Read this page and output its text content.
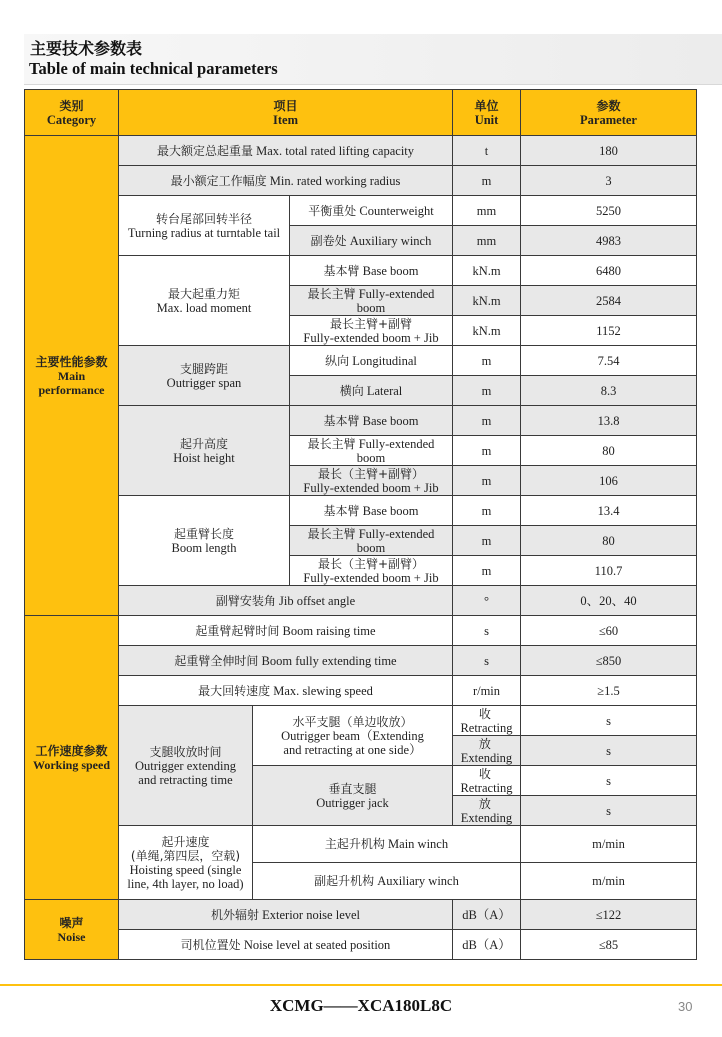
主要技术参数表
Table of main technical parameters
类别
Category	项目
Item			单位
Unit	参数
Parameter	
主要性能参数
Main
performance	最大额定总起重量 Max. total rated lifting capacity			t	180	
	最小额定工作幅度 Min. rated working radius			m	3	
	转台尾部回转半径
Turning radius at turntable tail		平衡重处 Counterweight	mm	5250	
			副卷处 Auxiliary winch	mm	4983	
	最大起重力矩
Max. load moment		基本臂 Base boom	kN.m	6480	
			最长主臂 Fully-extended boom	kN.m	2584	
			最长主臂+副臂
Fully-extended boom + Jib	kN.m	1152	
	支腿跨距
Outrigger span		纵向 Longitudinal	m	7.54	
			横向 Lateral	m	8.3	
	起升高度
Hoist height		基本臂 Base boom	m	13.8	
			最长主臂 Fully-extended boom	m	80	
			最长（主臂+副臂）
Fully-extended boom + Jib	m	106	
	起重臂长度
Boom length		基本臂 Base boom	m	13.4	
			最长主臂 Fully-extended boom	m	80	
			最长（主臂+副臂）
Fully-extended boom + Jib	m	110.7	
	副臂安装角 Jib offset angle			°	0、20、40	
工作速度参数
Working speed	起重臂起臂时间 Boom raising time			s	≤60	
	起重臂全伸时间 Boom fully extending time			s	≤850	
	最大回转速度 Max. slewing speed			r/min	≥1.5	
	支腿收放时间
Outrigger extending
and retracting time	水平支腿（单边收放）
Outrigger beam（Extending
and retracting at one side）		收  Retracting	s	
				放  Extending	s	
		垂直支腿
Outrigger jack		收  Retracting	s	
				放  Extending	s	
	起升速度
(单绳,第四层，空载)
Hoisting speed (single
line, 4th layer, no load)	主起升机构 Main winch			m/min	
		副起升机构 Auxiliary winch			m/min	
噪声
Noise	机外辐射 Exterior noise level			dB（A）	≤122	
	司机位置处 Noise level at seated position			dB（A）	≤85	
XCMG——XCA180L8C	30
